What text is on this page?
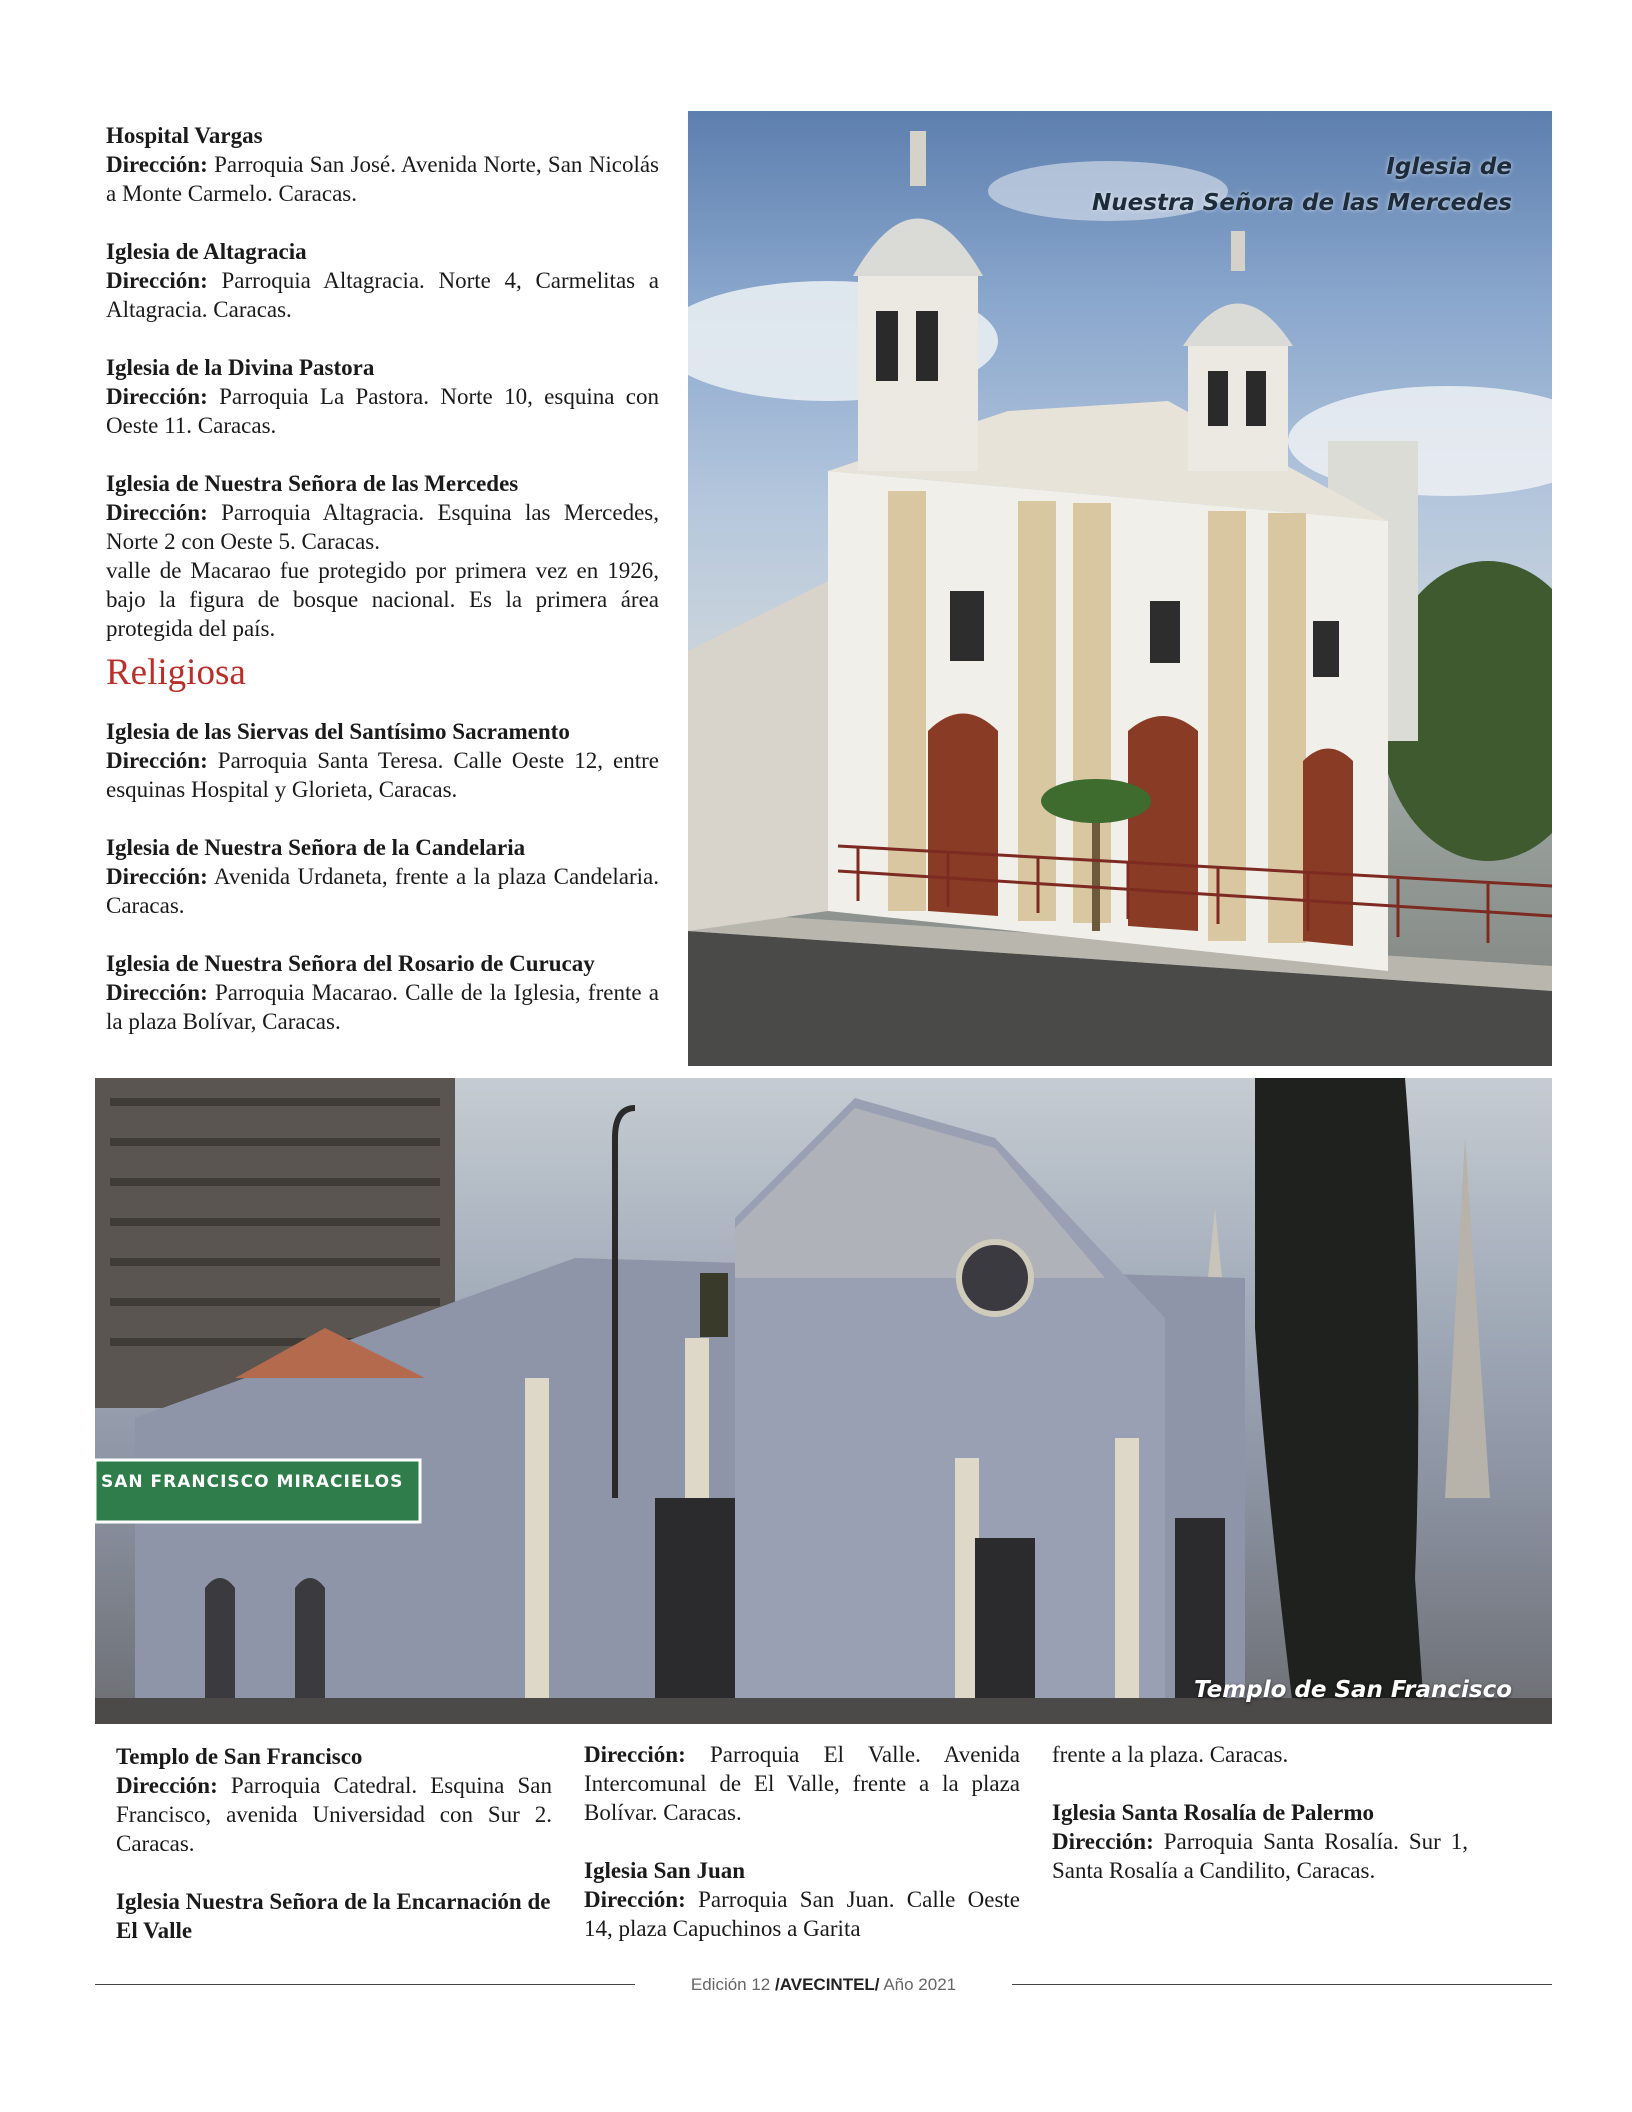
Hospital Vargas
Dirección: Parroquia San José. Avenida Norte, San Nicolás a Monte Carmelo. Caracas.

Iglesia de Altagracia
Dirección: Parroquia Altagracia. Norte 4, Carmelitas a Altagracia. Caracas.

Iglesia de la Divina Pastora
Dirección: Parroquia La Pastora. Norte 10, esquina con Oeste 11. Caracas.

Iglesia de Nuestra Señora de las Mercedes
Dirección: Parroquia Altagracia. Esquina las Mercedes, Norte 2 con Oeste 5. Caracas.
valle de Macarao fue protegido por primera vez en 1926, bajo la figura de bosque nacional. Es la primera área protegida del país.

Religiosa

Iglesia de las Siervas del Santísimo Sacramento
Dirección: Parroquia Santa Teresa. Calle Oeste 12, entre esquinas Hospital y Glorieta, Caracas.

Iglesia de Nuestra Señora de la Candelaria
Dirección: Avenida Urdaneta, frente a la plaza Candelaria. Caracas.

Iglesia de Nuestra Señora del Rosario de Curucay
Dirección: Parroquia Macarao. Calle de la Iglesia, frente a la plaza Bolívar, Caracas.

Iglesia de
Nuestra Señora de las Mercedes
SAN FRANCISCO MIRACIELOS
Templo de San Francisco

Templo de San Francisco
Dirección: Parroquia Catedral. Esquina San Francisco, avenida Universidad con Sur 2. Caracas.

Iglesia Nuestra Señora de la Encarnación de El Valle

Dirección: Parroquia El Valle. Avenida Intercomunal de El Valle, frente a la plaza Bolívar. Caracas.

Iglesia San Juan
Dirección: Parroquia San Juan. Calle Oeste 14, plaza Capuchinos a Garita

frente a la plaza. Caracas.

Iglesia Santa Rosalía de Palermo
Dirección: Parroquia Santa Rosalía. Sur 1, Santa Rosalía a Candilito, Caracas.

Edición 12 /AVECINTEL/ Año 2021
